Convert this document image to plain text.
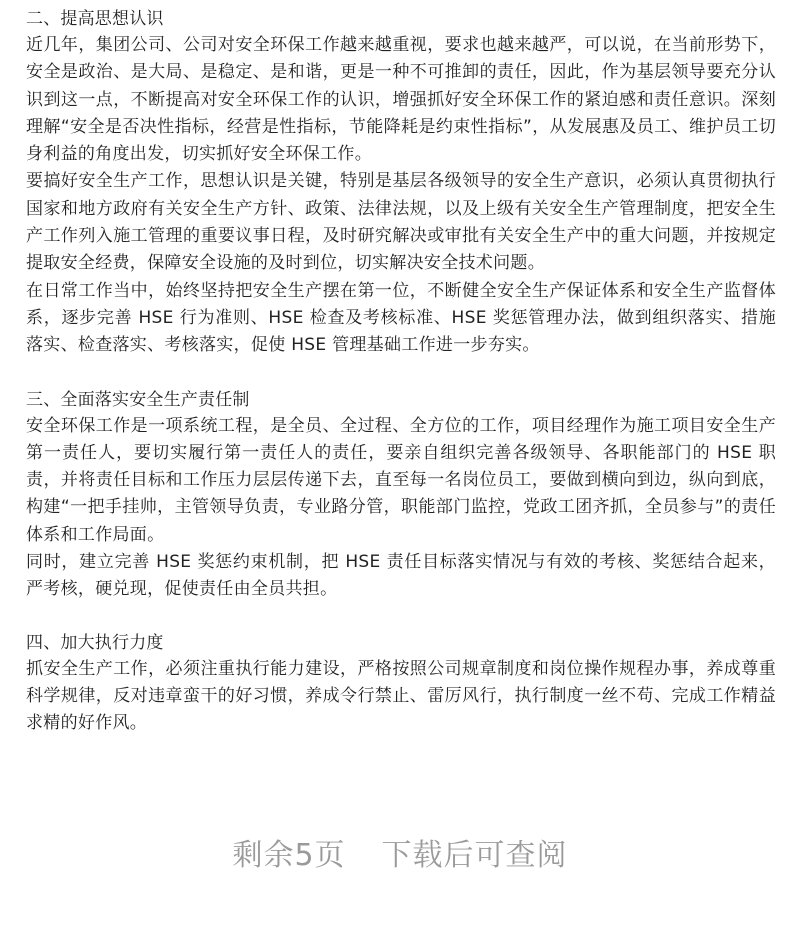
二、提高思想认识

近几年，集团公司、公司对安全环保工作越来越重视，要求也越来越严，可以说，在当前形势下，安全是政治、是大局、是稳定、是和谐，更是一种不可推卸的责任，因此，作为基层领导要充分认识到这一点，不断提高对安全环保工作的认识，增强抓好安全环保工作的紧迫感和责任意识。深刻理解“安全是否决性指标，经营是性指标，节能降耗是约束性指标”，从发展惠及员工、维护员工切身利益的角度出发，切实抓好安全环保工作。

要搞好安全生产工作，思想认识是关键，特别是基层各级领导的安全生产意识，必须认真贯彻执行国家和地方政府有关安全生产方针、政策、法律法规，以及上级有关安全生产管理制度，把安全生产工作列入施工管理的重要议事日程，及时研究解决或审批有关安全生产中的重大问题，并按规定提取安全经费，保障安全设施的及时到位，切实解决安全技术问题。

在日常工作当中，始终坚持把安全生产摆在第一位，不断健全安全生产保证体系和安全生产监督体系，逐步完善 HSE 行为准则、HSE 检查及考核标准、HSE 奖惩管理办法，做到组织落实、措施落实、检查落实、考核落实，促使 HSE 管理基础工作进一步夯实。

三、全面落实安全生产责任制

安全环保工作是一项系统工程，是全员、全过程、全方位的工作，项目经理作为施工项目安全生产第一责任人，要切实履行第一责任人的责任，要亲自组织完善各级领导、各职能部门的 HSE 职责，并将责任目标和工作压力层层传递下去，直至每一名岗位员工，要做到横向到边，纵向到底，构建“一把手挂帅，主管领导负责，专业路分管，职能部门监控，党政工团齐抓，全员参与”的责任体系和工作局面。

同时，建立完善 HSE 奖惩约束机制，把 HSE 责任目标落实情况与有效的考核、奖惩结合起来，严考核，硬兑现，促使责任由全员共担。

四、加大执行力度

抓安全生产工作，必须注重执行能力建设，严格按照公司规章制度和岗位操作规程办事，养成尊重科学规律，反对违章蛮干的好习惯，养成令行禁止、雷厉风行，执行制度一丝不苟、完成工作精益求精的好作风。

剩余5页 下载后可查阅
